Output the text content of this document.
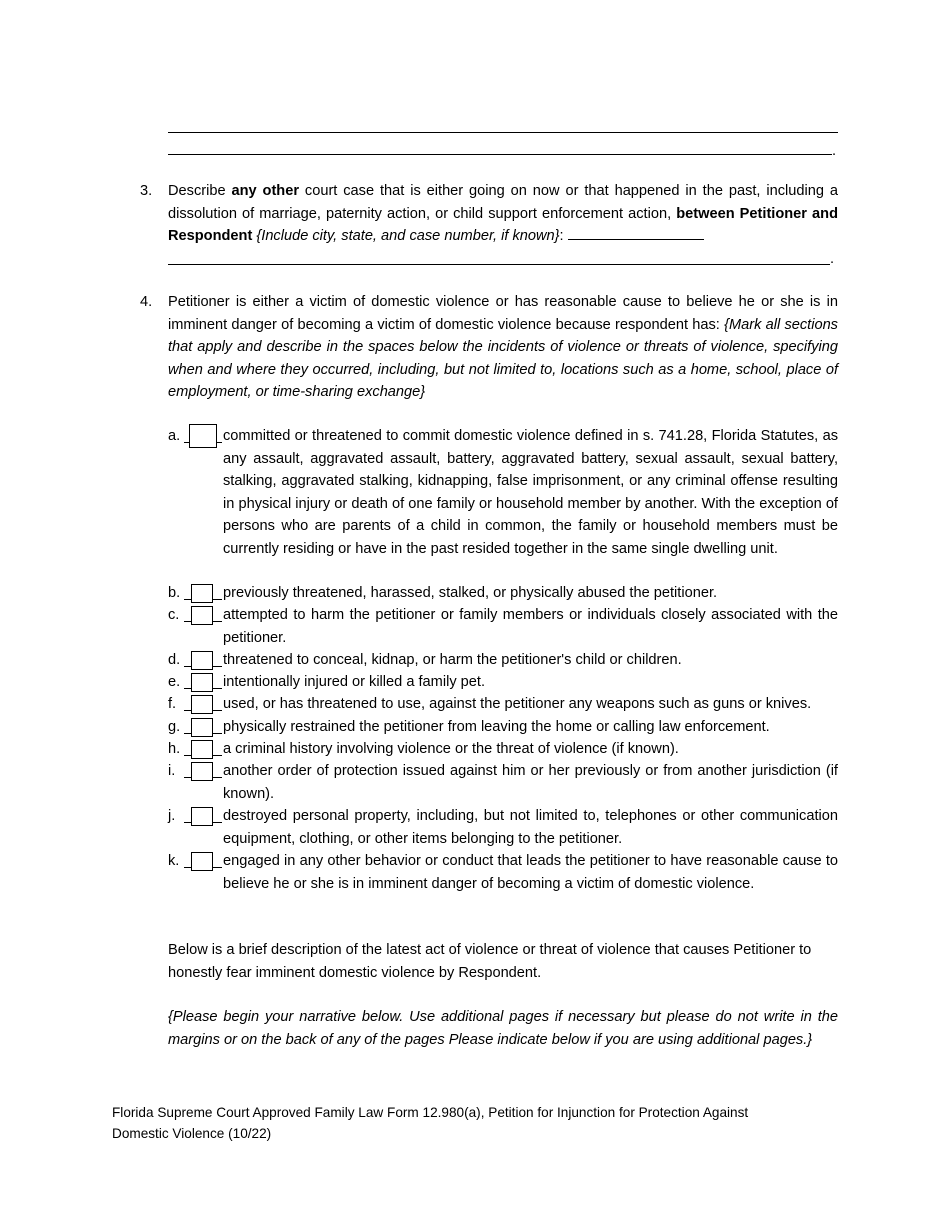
.
3. Describe any other court case that is either going on now or that happened in the past, including a dissolution of marriage, paternity action, or child support enforcement action, between Petitioner and Respondent {Include city, state, and case number, if known}:
.
4. Petitioner is either a victim of domestic violence or has reasonable cause to believe he or she is in imminent danger of becoming a victim of domestic violence because respondent has: {Mark all sections that apply and describe in the spaces below the incidents of violence or threats of violence, specifying when and where they occurred, including, but not limited to, locations such as a home, school, place of employment, or time-sharing exchange}
a.	committed or threatened to commit domestic violence defined in s. 741.28, Florida Statutes, as any assault, aggravated assault, battery, aggravated battery, sexual assault, sexual battery, stalking, aggravated stalking, kidnapping, false imprisonment, or any criminal offense resulting in physical injury or death of one family or household member by another. With the exception of persons who are parents of a child in common, the family or household members must be currently residing or have in the past resided together in the same single dwelling unit.
b.	previously threatened, harassed, stalked, or physically abused the petitioner.
c.	attempted to harm the petitioner or family members or individuals closely associated with the petitioner.
d.	threatened to conceal, kidnap, or harm the petitioner's child or children.
e.	intentionally injured or killed a family pet.
f.	used, or has threatened to use, against the petitioner any weapons such as guns or knives.
g.	physically restrained the petitioner from leaving the home or calling law enforcement.
h.	a criminal history involving violence or the threat of violence (if known).
i.	another order of protection issued against him or her previously or from another jurisdiction (if known).
j.	destroyed personal property, including, but not limited to, telephones or other communication equipment, clothing, or other items belonging to the petitioner.
k.	engaged in any other behavior or conduct that leads the petitioner to have reasonable cause to believe he or she is in imminent danger of becoming a victim of domestic violence.
Below is a brief description of the latest act of violence or threat of violence that causes Petitioner to honestly fear imminent domestic violence by Respondent.
{Please begin your narrative below. Use additional pages if necessary but please do not write in the margins or on the back of any of the pages Please indicate below if you are using additional pages.}
Florida Supreme Court Approved Family Law Form 12.980(a), Petition for Injunction for Protection Against
Domestic Violence (10/22)
